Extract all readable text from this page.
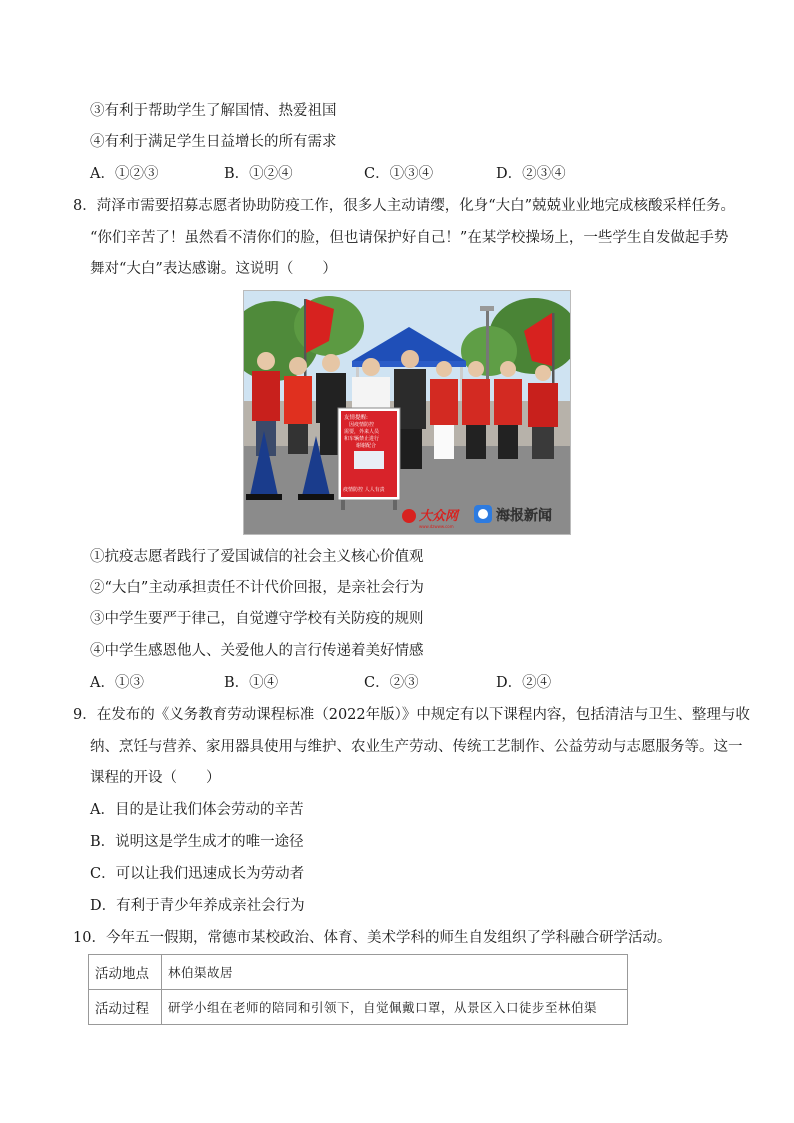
③有利于帮助学生了解国情、热爱祖国
④有利于满足学生日益增长的所有需求
A．①②③	B．①②④	C．①③④	D．②③④
8．菏泽市需要招募志愿者协助防疫工作，很多人主动请缨，化身“大白”兢兢业业地完成核酸采样任务。
“你们辛苦了！虽然看不清你们的脸，但也请保护好自己！”在某学校操场上，一些学生自发做起手势
舞对“大白”表达感谢。这说明（　　）
友情提醒:
因疫情防控
需要，外来人员
和车辆禁止进行
谢谢配合
疫情防控 人人有责
大众网
www.dzwww.com
海报新闻
①抗疫志愿者践行了爱国诚信的社会主义核心价值观
②“大白”主动承担责任不计代价回报，是亲社会行为
③中学生要严于律己，自觉遵守学校有关防疫的规则
④中学生感恩他人、关爱他人的言行传递着美好情感
A．①③	B．①④	C．②③	D．②④
9．在发布的《义务教育劳动课程标准（2022年版）》中规定有以下课程内容，包括清洁与卫生、整理与收
纳、烹饪与营养、家用器具使用与维护、农业生产劳动、传统工艺制作、公益劳动与志愿服务等。这一
课程的开设（　　）
A．目的是让我们体会劳动的辛苦
B．说明这是学生成才的唯一途径
C．可以让我们迅速成长为劳动者
D．有利于青少年养成亲社会行为
10．今年五一假期，常德市某校政治、体育、美术学科的师生自发组织了学科融合研学活动。
活动地点	林伯渠故居
活动过程	研学小组在老师的陪同和引领下，自觉佩戴口罩，从景区入口徒步至林伯渠
